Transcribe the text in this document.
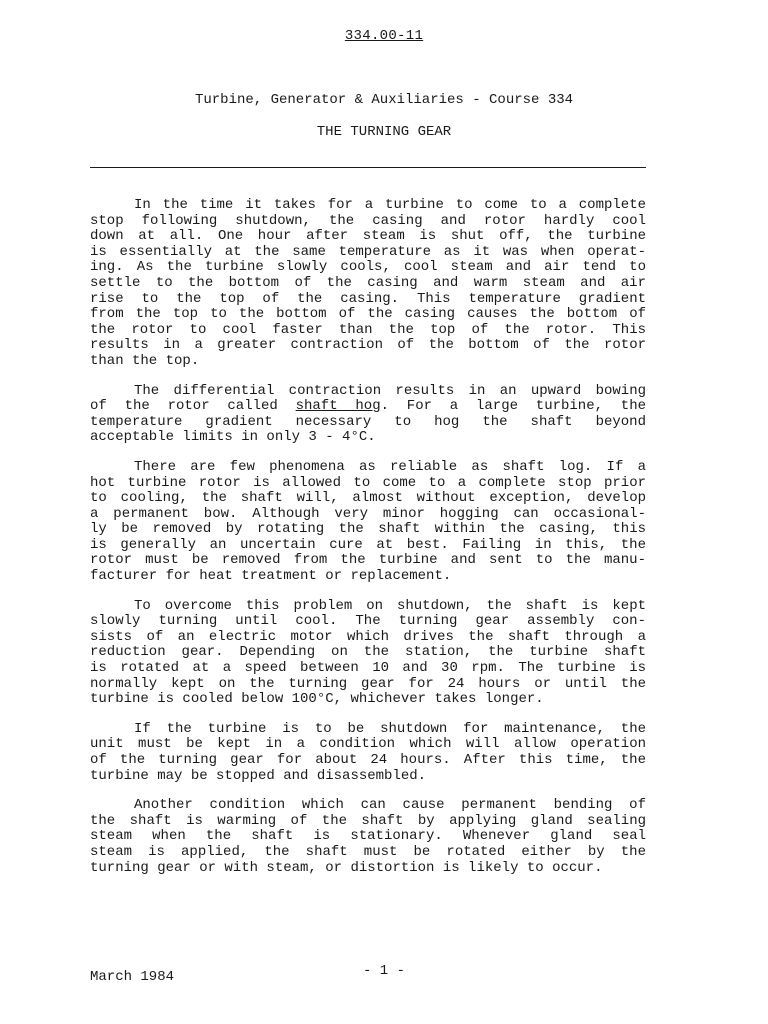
334.00-11
Turbine, Generator & Auxiliaries - Course 334
THE TURNING GEAR
In the time it takes for a turbine to come to a complete
stop following shutdown, the casing and rotor hardly cool
down at all. One hour after steam is shut off, the turbine
is essentially at the same temperature as it was when operat-
ing. As the turbine slowly cools, cool steam and air tend to
settle to the bottom of the casing and warm steam and air
rise to the top of the casing. This temperature gradient
from the top to the bottom of the casing causes the bottom of
the rotor to cool faster than the top of the rotor. This
results in a greater contraction of the bottom of the rotor
than the top.
The differential contraction results in an upward bowing
of the rotor called shaft hog. For a large turbine, the
temperature gradient necessary to hog the shaft beyond
acceptable limits in only 3 - 4°C.
There are few phenomena as reliable as shaft log. If a
hot turbine rotor is allowed to come to a complete stop prior
to cooling, the shaft will, almost without exception, develop
a permanent bow. Although very minor hogging can occasional-
ly be removed by rotating the shaft within the casing, this
is generally an uncertain cure at best. Failing in this, the
rotor must be removed from the turbine and sent to the manu-
facturer for heat treatment or replacement.
To overcome this problem on shutdown, the shaft is kept
slowly turning until cool. The turning gear assembly con-
sists of an electric motor which drives the shaft through a
reduction gear. Depending on the station, the turbine shaft
is rotated at a speed between 10 and 30 rpm. The turbine is
normally kept on the turning gear for 24 hours or until the
turbine is cooled below 100°C, whichever takes longer.
If the turbine is to be shutdown for maintenance, the
unit must be kept in a condition which will allow operation
of the turning gear for about 24 hours. After this time, the
turbine may be stopped and disassembled.
Another condition which can cause permanent bending of
the shaft is warming of the shaft by applying gland sealing
steam when the shaft is stationary. Whenever gland seal
steam is applied, the shaft must be rotated either by the
turning gear or with steam, or distortion is likely to occur.
March 1984	- 1 -
